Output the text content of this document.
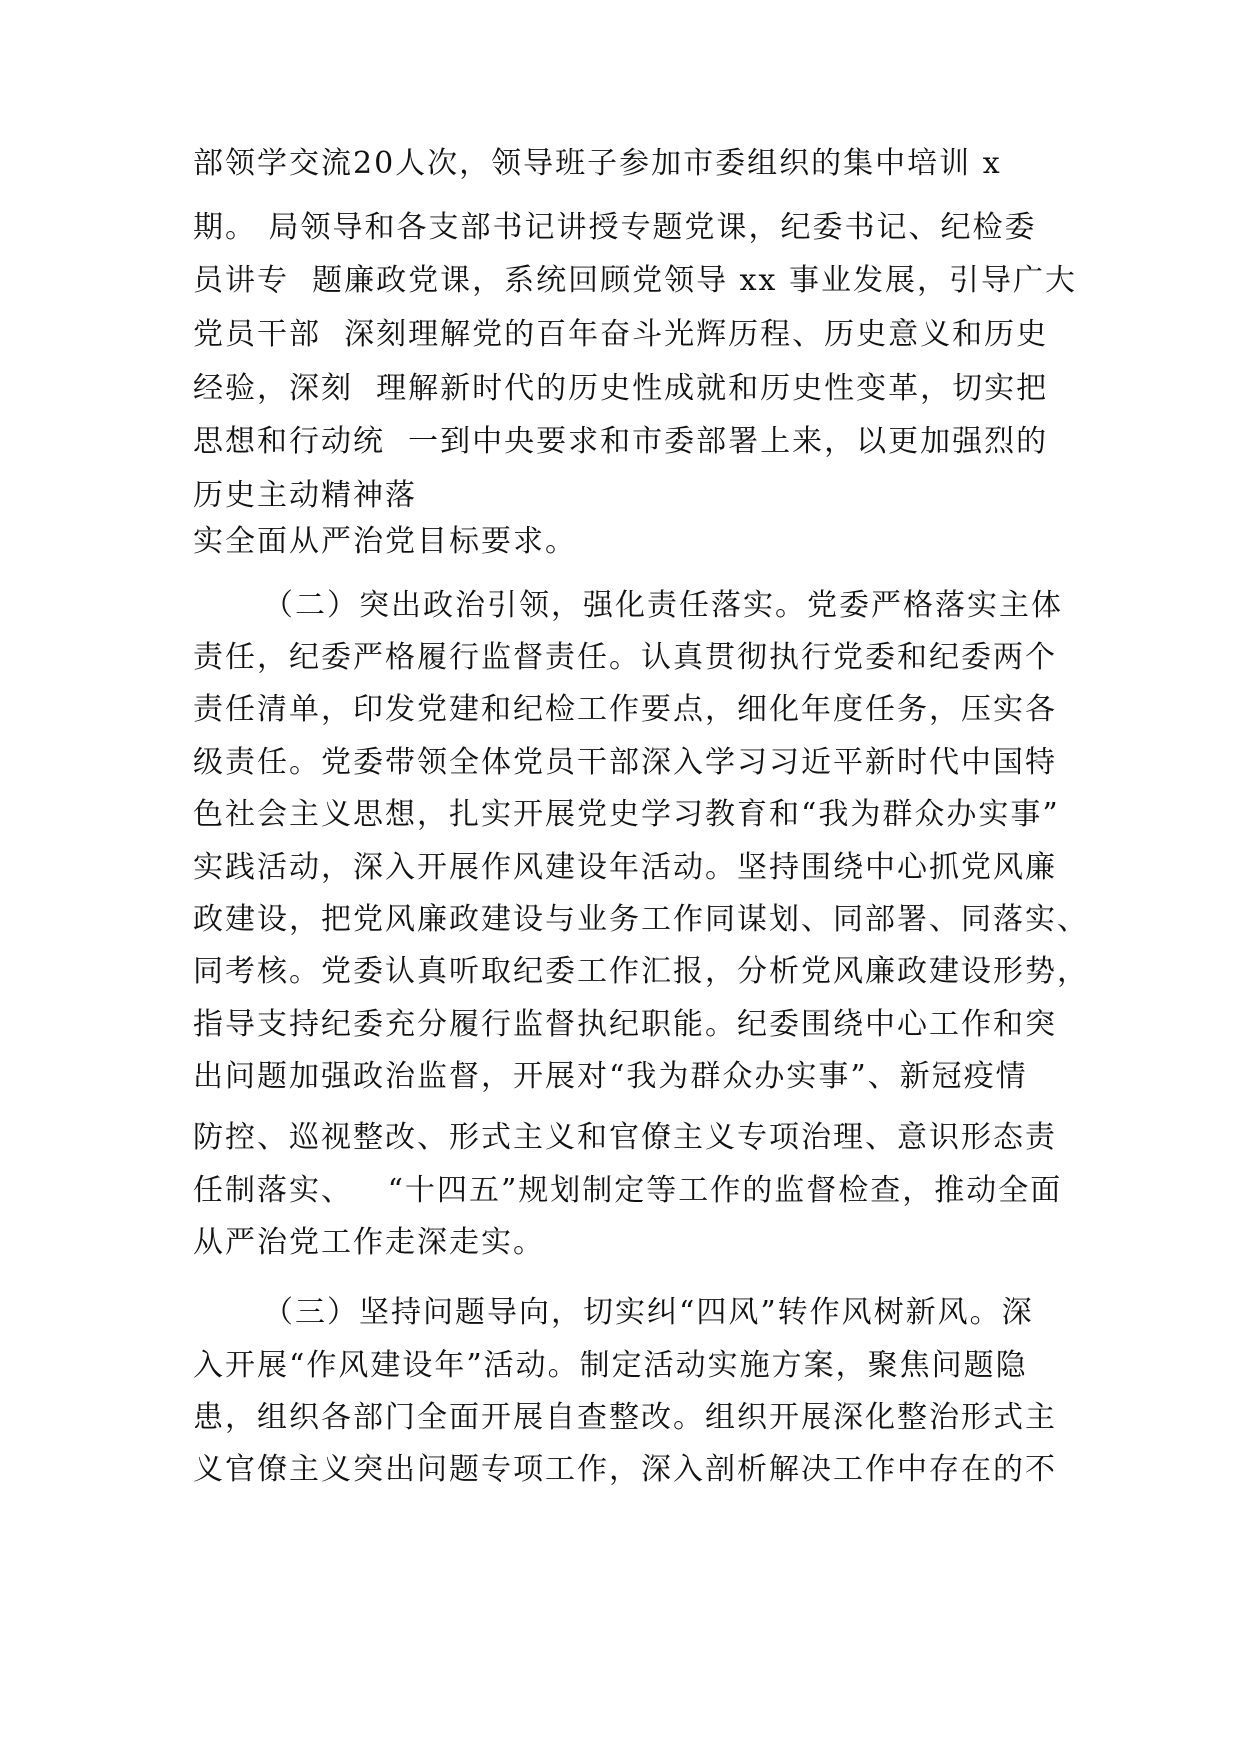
部领学交流20人次，领导班子参加市委组织的集中培训 x
期。 局领导和各支部书记讲授专题党课，纪委书记、纪检委
员讲专  题廉政党课，系统回顾党领导 xx 事业发展，引导广大
党员干部  深刻理解党的百年奋斗光辉历程、历史意义和历史
经验，深刻  理解新时代的历史性成就和历史性变革，切实把
思想和行动统  一到中央要求和市委部署上来，以更加强烈的
历史主动精神落
实全面从严治党目标要求。
（二）突出政治引领，强化责任落实。党委严格落实主体
责任，纪委严格履行监督责任。认真贯彻执行党委和纪委两个
责任清单，印发党建和纪检工作要点，细化年度任务，压实各
级责任。党委带领全体党员干部深入学习习近平新时代中国特
色社会主义思想，扎实开展党史学习教育和“我为群众办实事”
实践活动，深入开展作风建设年活动。坚持围绕中心抓党风廉
政建设，把党风廉政建设与业务工作同谋划、同部署、同落实、
同考核。党委认真听取纪委工作汇报，分析党风廉政建设形势，
指导支持纪委充分履行监督执纪职能。纪委围绕中心工作和突
出问题加强政治监督，开展对“我为群众办实事”、新冠疫情
防控、巡视整改、形式主义和官僚主义专项治理、意识形态责
任制落实、   “十四五”规划制定等工作的监督检查，推动全面
从严治党工作走深走实。
（三）坚持问题导向，切实纠“四风”转作风树新风。深
入开展“作风建设年”活动。制定活动实施方案，聚焦问题隐
患，组织各部门全面开展自查整改。组织开展深化整治形式主
义官僚主义突出问题专项工作，深入剖析解决工作中存在的不
